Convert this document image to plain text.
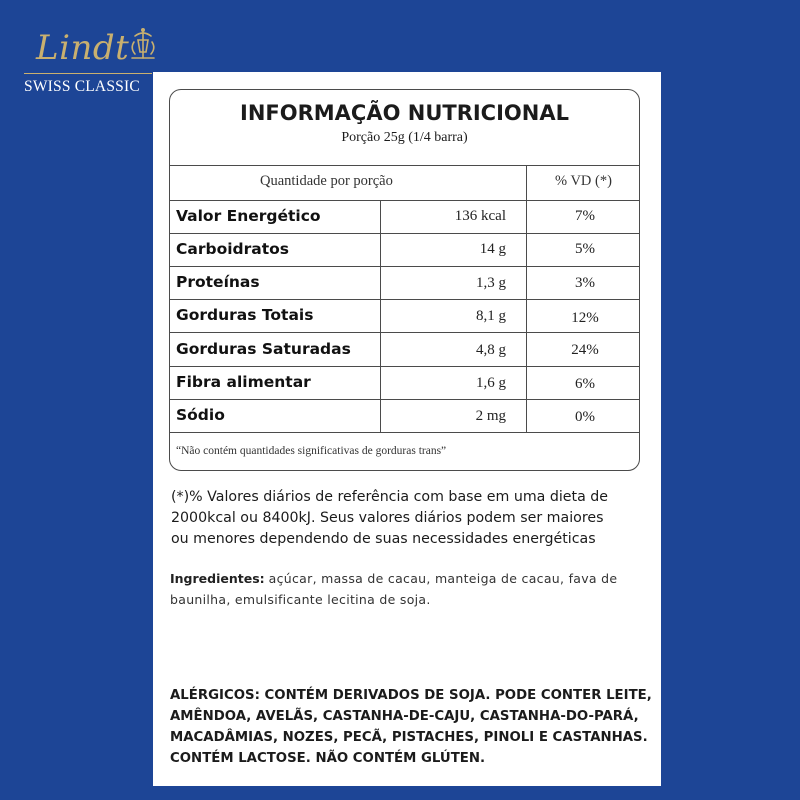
Lindt
SWISS CLASSIC
INFORMAÇÃO NUTRICIONAL
Porção 25g (1/4 barra)
Quantidade por porção	% VD (*)
Valor Energético	136 kcal	7%
Carboidratos	14 g	5%
Proteínas	1,3 g	3%
Gorduras Totais	8,1 g	12%
Gorduras Saturadas	4,8 g	24%
Fibra alimentar	1,6 g	6%
Sódio	2 mg	0%
“Não contém quantidades significativas de gorduras trans”
(*)% Valores diários de referência com base em uma dieta de
2000kcal ou 8400kJ. Seus valores diários podem ser maiores
ou menores dependendo de suas necessidades energéticas
Ingredientes: açúcar, massa de cacau, manteiga de cacau, fava de baunilha, emulsificante lecitina de soja.
ALÉRGICOS: CONTÉM DERIVADOS DE SOJA. PODE CONTER LEITE,
AMÊNDOA, AVELÃS, CASTANHA-DE-CAJU, CASTANHA-DO-PARÁ,
MACADÂMIAS, NOZES, PECÃ, PISTACHES, PINOLI E CASTANHAS.
CONTÉM LACTOSE. NÃO CONTÉM GLÚTEN.
